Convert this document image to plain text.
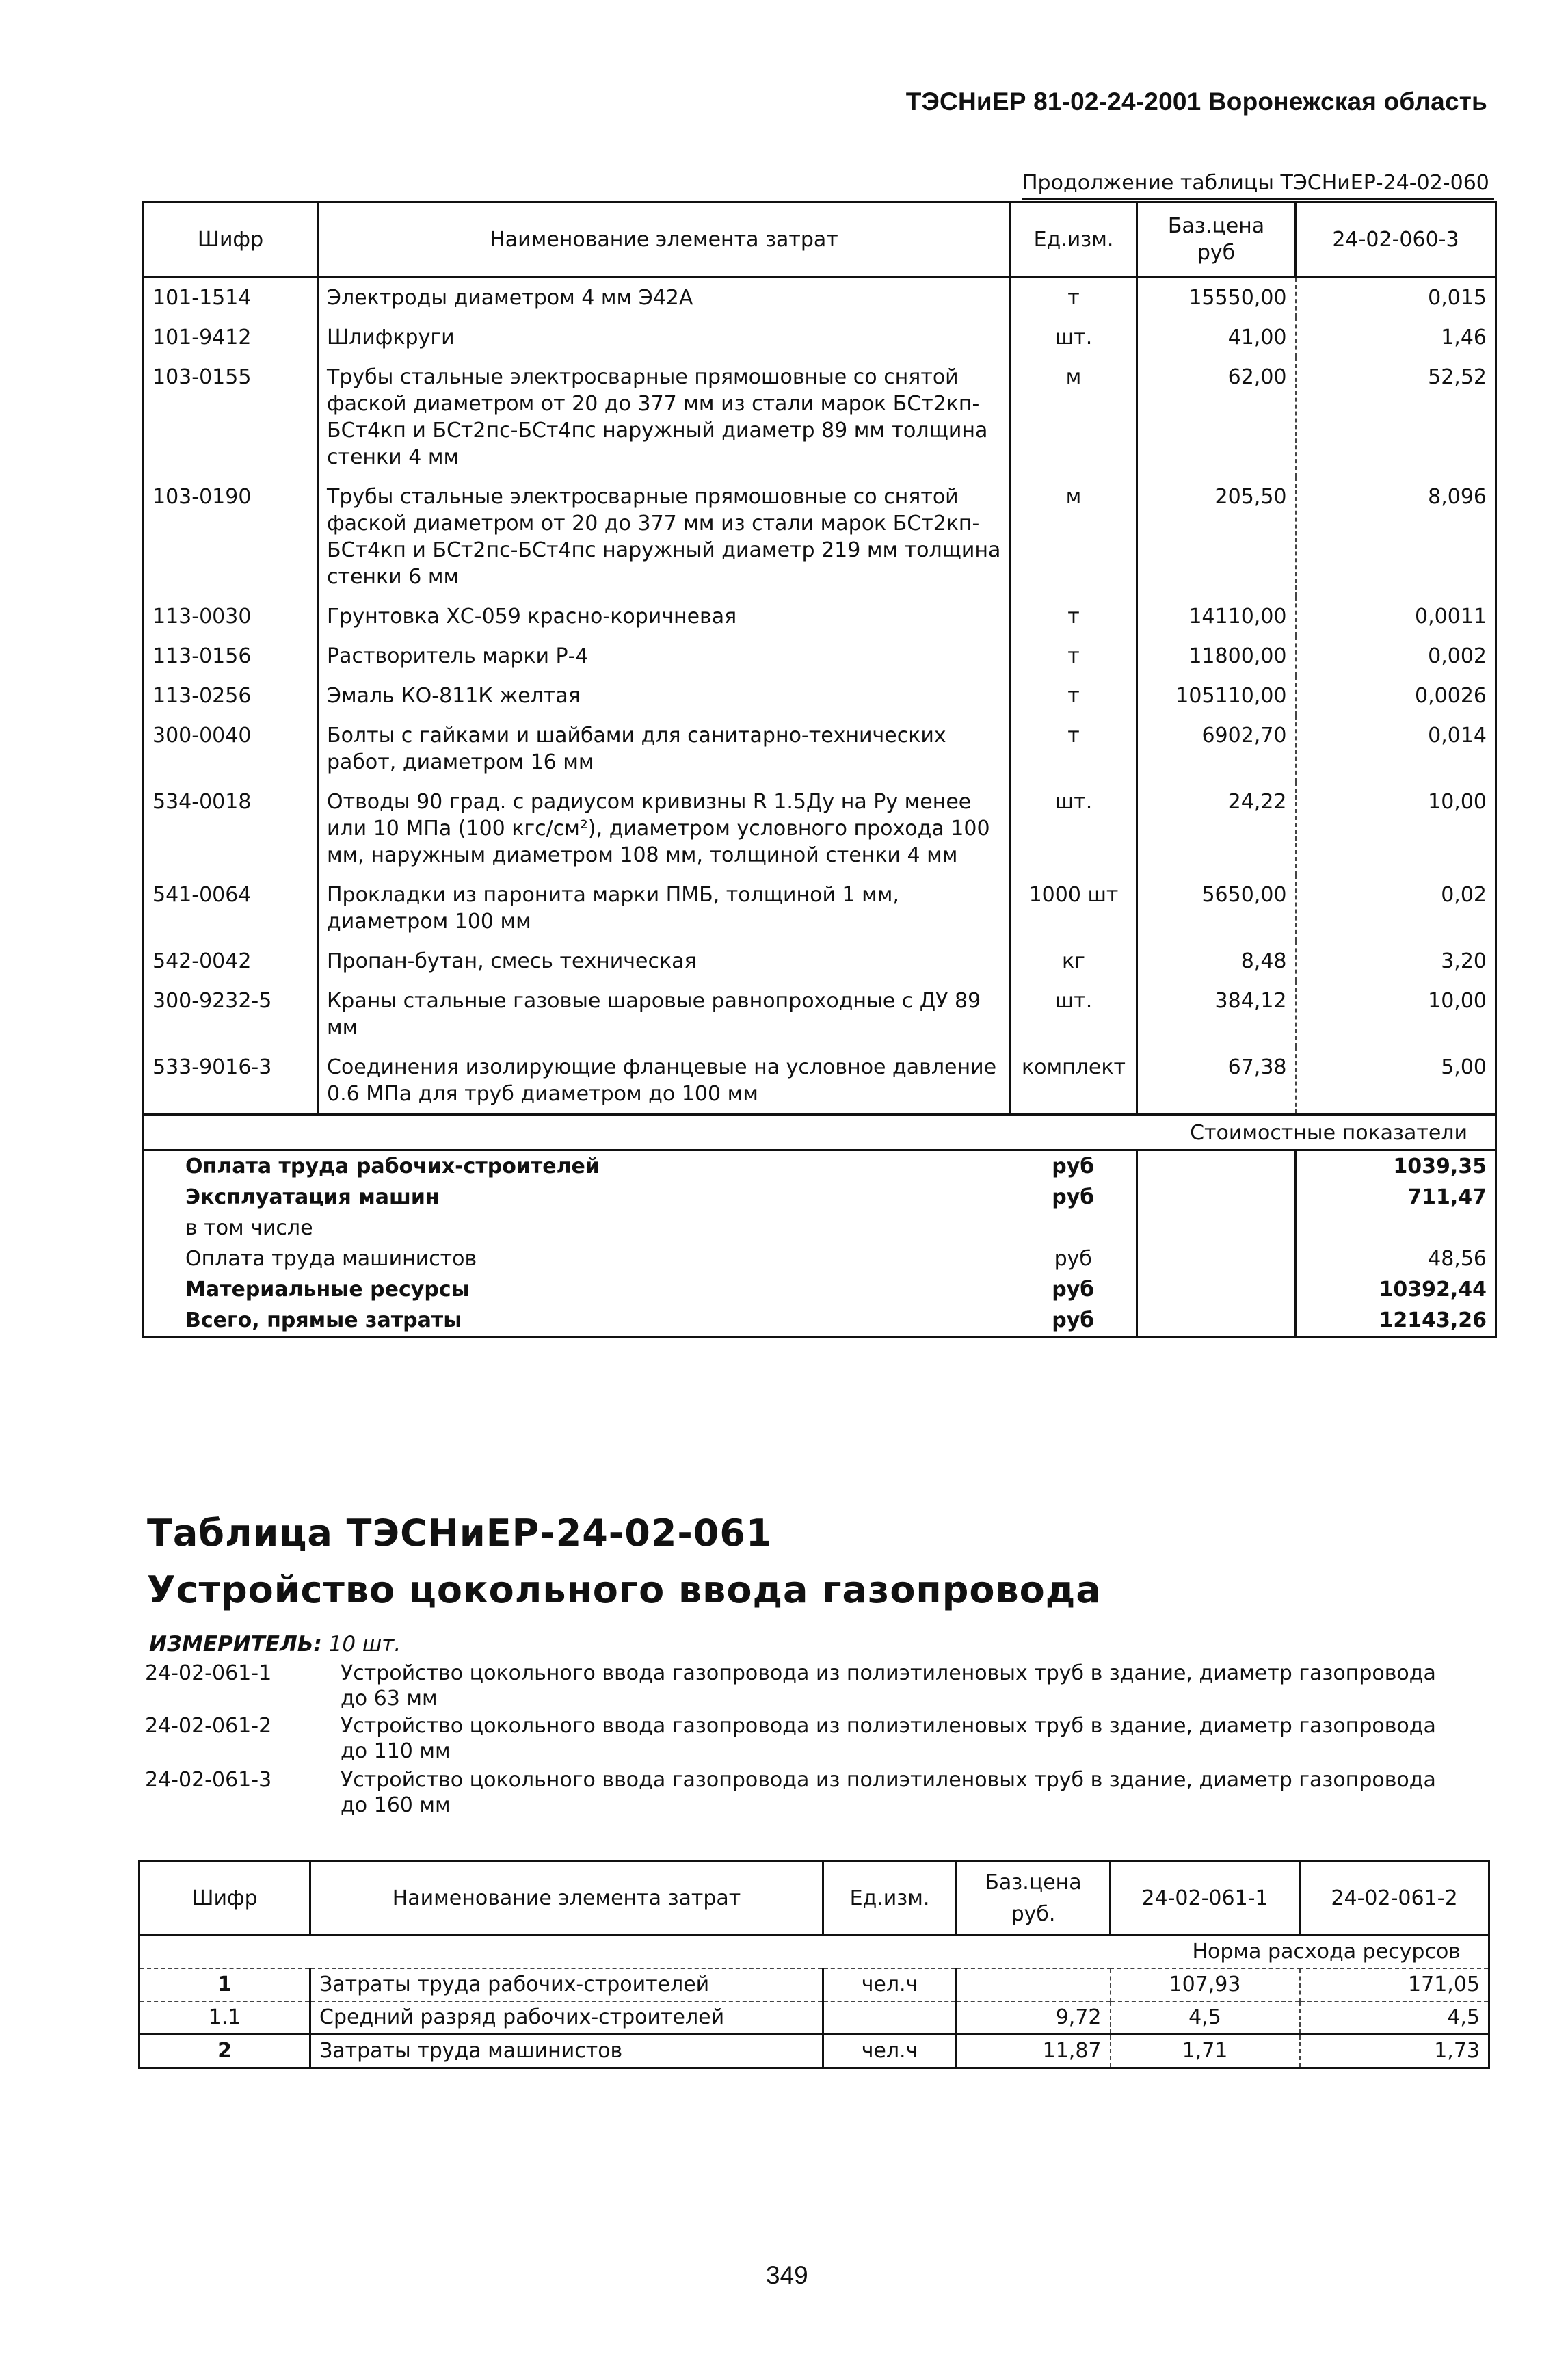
ТЭСНиЕР 81-02-24-2001 Воронежская область
Продолжение таблицы ТЭСНиЕР-24-02-060
Шифр	Наименование элемента затрат	Ед.изм.	Баз.цена руб	24-02-060-3
101-1514	Электроды диаметром 4 мм Э42А	т	15550,00	0,015
101-9412	Шлифкруги	шт.	41,00	1,46
103-0155	Трубы стальные электросварные прямошовные со снятой фаской диаметром от 20 до 377 мм из стали марок БСт2кп-БСт4кп и БСт2пс-БСт4пс наружный диаметр 89 мм толщина стенки 4 мм	м	62,00	52,52
103-0190	Трубы стальные электросварные прямошовные со снятой фаской диаметром от 20 до 377 мм из стали марок БСт2кп-БСт4кп и БСт2пс-БСт4пс наружный диаметр 219 мм толщина стенки 6 мм	м	205,50	8,096
113-0030	Грунтовка ХС-059 красно-коричневая	т	14110,00	0,0011
113-0156	Растворитель марки Р-4	т	11800,00	0,002
113-0256	Эмаль КО-811К желтая	т	105110,00	0,0026
300-0040	Болты с гайками и шайбами для санитарно-технических работ, диаметром 16 мм	т	6902,70	0,014
534-0018	Отводы 90 град. с радиусом кривизны R 1.5Ду на Ру менее или 10 МПа (100 кгс/см²), диаметром условного прохода 100 мм, наружным диаметром 108 мм, толщиной стенки 4 мм	шт.	24,22	10,00
541-0064	Прокладки из паронита марки ПМБ, толщиной 1 мм, диаметром 100 мм	1000 шт	5650,00	0,02
542-0042	Пропан-бутан, смесь техническая	кг	8,48	3,20
300-9232-5	Краны стальные газовые шаровые равнопроходные с ДУ 89 мм	шт.	384,12	10,00
533-9016-3	Соединения изолирующие фланцевые на условное давление 0.6 МПа для труб диаметром до 100 мм	комплект	67,38	5,00
Стоимостные показатели				
Оплата труда рабочих-строителей		руб		1039,35
Эксплуатация машин		руб		711,47
в том числе				
Оплата труда машинистов		руб		48,56
Материальные ресурсы		руб		10392,44
Всего, прямые затраты		руб		12143,26
Таблица ТЭСНиЕР-24-02-061
Устройство цокольного ввода газопровода
ИЗМЕРИТЕЛЬ: 10 шт.
24-02-061-1	Устройство цокольного ввода газопровода из полиэтиленовых труб в здание, диаметр газопровода до 63 мм
24-02-061-2	Устройство цокольного ввода газопровода из полиэтиленовых труб в здание, диаметр газопровода до 110 мм
24-02-061-3	Устройство цокольного ввода газопровода из полиэтиленовых труб в здание, диаметр газопровода до 160 мм
Шифр	Наименование элемента затрат	Ед.изм.	Баз.цена руб.	24-02-061-1	24-02-061-2
Норма расхода ресурсов					
1	Затраты труда рабочих-строителей	чел.ч		107,93	171,05
1.1	Средний разряд рабочих-строителей		9,72	4,5	4,5
2	Затраты труда машинистов	чел.ч	11,87	1,71	1,73
349
